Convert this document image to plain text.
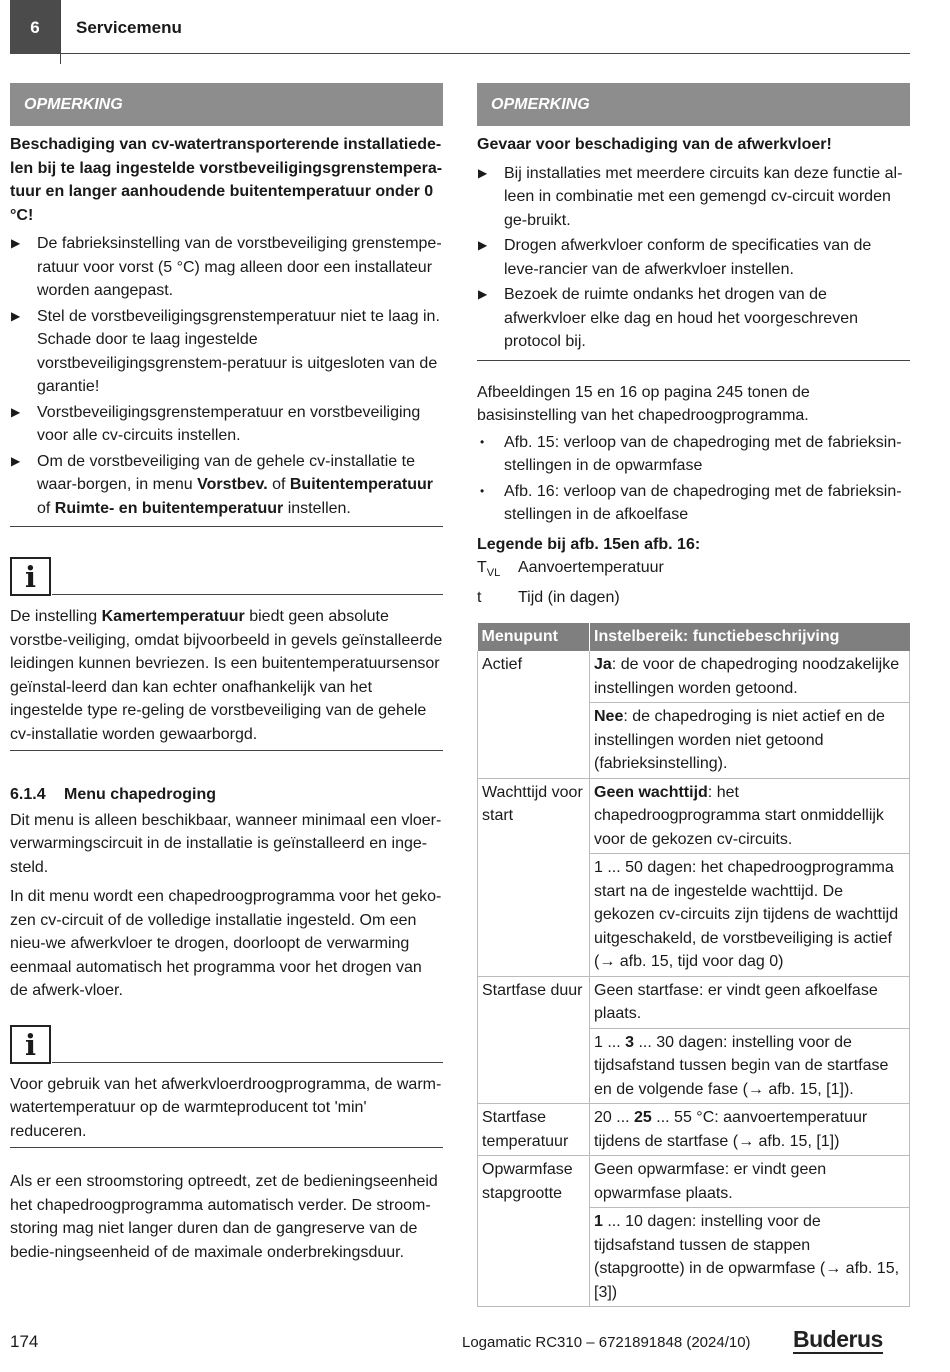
6	Servicemenu
OPMERKING
Beschadiging van cv-watertransporterende installatiede-len bij te laag ingestelde vorstbeveiligingsgrenstempera-tuur en langer aanhoudende buitentemperatuur onder 0 °C!
▶ De fabrieksinstelling van de vorstbeveiliging grenstempe-ratuur voor vorst (5 °C) mag alleen door een installateur worden aangepast.
▶ Stel de vorstbeveiligingsgrenstemperatuur niet te laag in. Schade door te laag ingestelde vorstbeveiligingsgrenstem-peratuur is uitgesloten van de garantie!
▶ Vorstbeveiligingsgrenstemperatuur en vorstbeveiliging voor alle cv-circuits instellen.
▶ Om de vorstbeveiliging van de gehele cv-installatie te waar-borgen, in menu Vorstbev. of Buitentemperatuur of Ruimte- en buitentemperatuur instellen.
i
De instelling Kamertemperatuur biedt geen absolute vorstbe-veiliging, omdat bijvoorbeeld in gevels geïnstalleerde leidingen kunnen bevriezen. Is een buitentemperatuursensor geïnstal-leerd dan kan echter onafhankelijk van het ingestelde type re-geling de vorstbeveiliging van de gehele cv-installatie worden gewaarborgd.
6.1.4 Menu chapedroging
Dit menu is alleen beschikbaar, wanneer minimaal een vloer-verwarmingscircuit in de installatie is geïnstalleerd en inge-steld.
In dit menu wordt een chapedroogprogramma voor het geko-zen cv-circuit of de volledige installatie ingesteld. Om een nieu-we afwerkvloer te drogen, doorloopt de verwarming eenmaal automatisch het programma voor het drogen van de afwerk-vloer.
i
Voor gebruik van het afwerkvloerdroogprogramma, de warm-watertemperatuur op de warmteproducent tot 'min' reduceren.
Als er een stroomstoring optreedt, zet de bedieningseenheid het chapedroogprogramma automatisch verder. De stroom-storing mag niet langer duren dan de gangreserve van de bedie-ningseenheid of de maximale onderbrekingsduur.
OPMERKING
Gevaar voor beschadiging van de afwerkvloer!
▶ Bij installaties met meerdere circuits kan deze functie al-leen in combinatie met een gemengd cv-circuit worden ge-bruikt.
▶ Drogen afwerkvloer conform de specificaties van de leve-rancier van de afwerkvloer instellen.
▶ Bezoek de ruimte ondanks het drogen van de afwerkvloer elke dag en houd het voorgeschreven protocol bij.
Afbeeldingen 15 en 16 op pagina 245 tonen de basisinstelling van het chapedroogprogramma.
• Afb. 15: verloop van de chapedroging met de fabrieksin-stellingen in de opwarmfase
• Afb. 16: verloop van de chapedroging met de fabrieksin-stellingen in de afkoelfase
Legende bij afb. 15en afb. 16:
$T_{VL}$	Aanvoertemperatuur
t	Tijd (in dagen)
Menupunt	Instelbereik: functiebeschrijving
Actief	Ja: de voor de chapedroging noodzakelijke instellingen worden getoond.
	Nee: de chapedroging is niet actief en de instellingen worden niet getoond (fabrieksinstelling).
Wachttijd voor start	Geen wachttijd: het chapedroogprogramma start onmiddellijk voor de gekozen cv-circuits.
	1 ... 50 dagen: het chapedroogprogramma start na de ingestelde wachttijd. De gekozen cv-circuits zijn tijdens de wachttijd uitgeschakeld, de vorstbeveiliging is actief (→ afb. 15, tijd voor dag 0)
Startfase duur	Geen startfase: er vindt geen afkoelfase plaats.
	1 ... 3 ... 30 dagen: instelling voor de tijdsafstand tussen begin van de startfase en de volgende fase (→ afb. 15, [1]).
Startfase temperatuur	20 ... 25 ... 55 °C: aanvoertemperatuur tijdens de startfase (→ afb. 15, [1])
Opwarmfase stapgrootte	Geen opwarmfase: er vindt geen opwarmfase plaats.
	1 ... 10 dagen: instelling voor de tijdsafstand tussen de stappen (stapgrootte) in de opwarmfase (→ afb. 15, [3])
174	Logamatic RC310 – 6721891848 (2024/10) Buderus
